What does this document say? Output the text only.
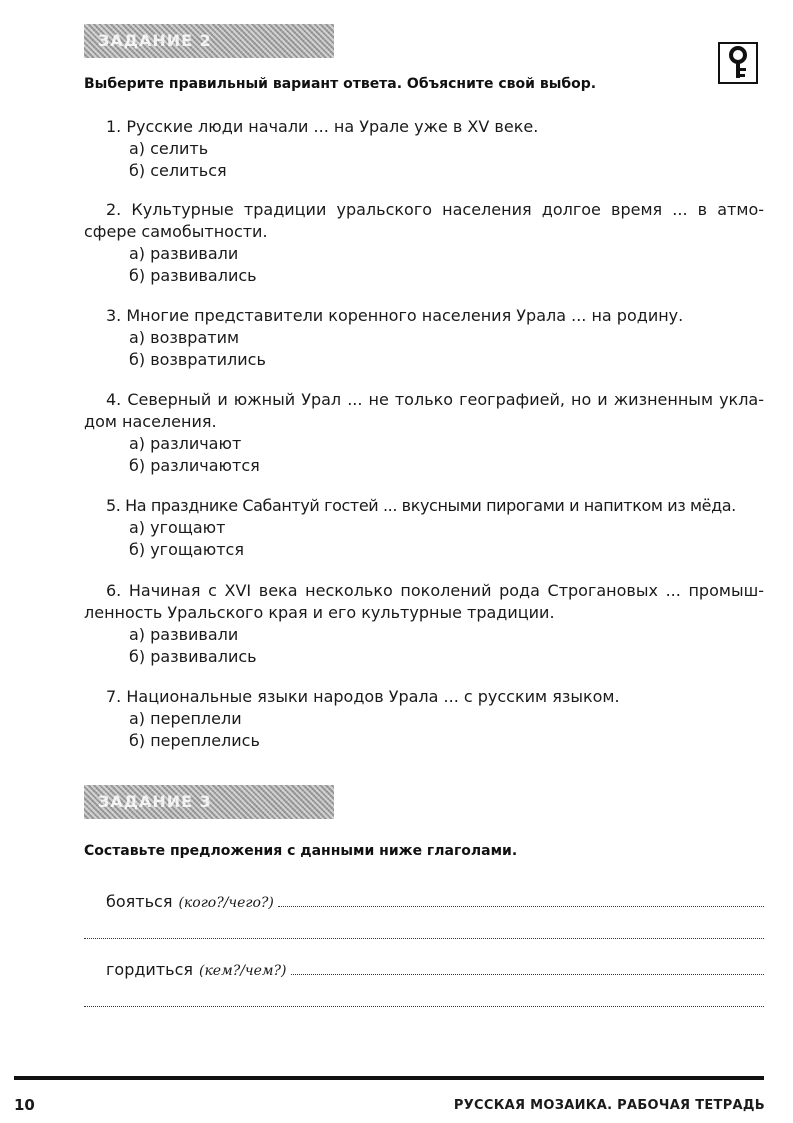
ЗАДАНИЕ 2
Выберите правильный вариант ответа. Объясните свой выбор.
1. Русские люди начали ... на Урале уже в XV веке.
а) селить
б) селиться
2. Культурные традиции уральского населения долгое время ... в атмо-
сфере самобытности.
а) развивали
б) развивались
3. Многие представители коренного населения Урала ... на родину.
а) возвратим
б) возвратились
4. Северный и южный Урал ... не только географией, но и жизненным укла-
дом населения.
а) различают
б) различаются
5. На празднике Сабантуй гостей ... вкусными пирогами и напитком из мёда.
а) угощают
б) угощаются
6. Начиная с XVI века несколько поколений рода Строгановых ... промыш-
ленность Уральского края и его культурные традиции.
а) развивали
б) развивались
7. Национальные языки народов Урала ... с русским языком.
а) переплели
б) переплелись
ЗАДАНИЕ 3
Составьте предложения с данными ниже глаголами.
бояться (кого?/чего?)
гордиться (кем?/чем?)
10	РУССКАЯ МОЗАИКА. РАБОЧАЯ ТЕТРАДЬ
